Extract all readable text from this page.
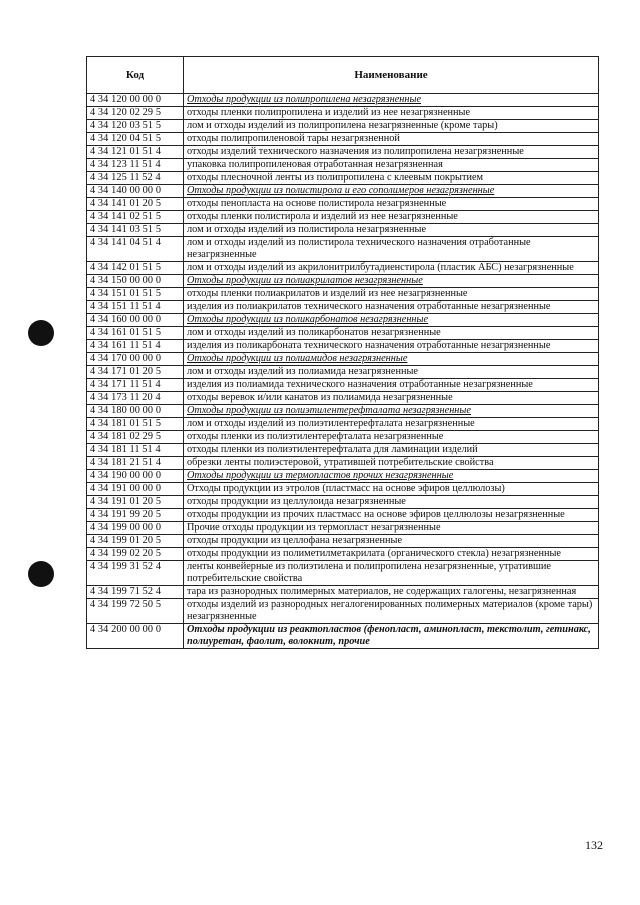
Код	Наименование
4 34 120 00 00 0	Отходы продукции из полипропилена незагрязненные
4 34 120 02 29 5	отходы пленки полипропилена и изделий из нее незагрязненные
4 34 120 03 51 5	лом и отходы изделий из полипропилена незагрязненные (кроме тары)
4 34 120 04 51 5	отходы полипропиленовой тары незагрязненной
4 34 121 01 51 4	отходы изделий технического назначения из полипропилена незагрязненные
4 34 123 11 51 4	упаковка полипропиленовая отработанная незагрязненная
4 34 125 11 52 4	отходы плесночной ленты из полипропилена с клеевым покрытием
4 34 140 00 00 0	Отходы продукции из полистирола и его сополимеров незагрязненные
4 34 141 01 20 5	отходы пенопласта на основе полистирола незагрязненные
4 34 141 02 51 5	отходы пленки полистирола и изделий из нее незагрязненные
4 34 141 03 51 5	лом и отходы изделий из полистирола незагрязненные
4 34 141 04 51 4	лом и отходы изделий из полистирола технического назначения отработанные незагрязненные
4 34 142 01 51 5	лом и отходы изделий из акрилонитрилбутадиенстирола (пластик АБС) незагрязненные
4 34 150 00 00 0	Отходы продукции из полиакрилатов незагрязненные
4 34 151 01 51 5	отходы пленки полиакрилатов и изделий из нее незагрязненные
4 34 151 11 51 4	изделия из полиакрилатов технического назначения отработанные незагрязненные
4 34 160 00 00 0	Отходы продукции из поликарбонатов незагрязненные
4 34 161 01 51 5	лом и отходы изделий из поликарбонатов незагрязненные
4 34 161 11 51 4	изделия из поликарбоната технического назначения отработанные незагрязненные
4 34 170 00 00 0	Отходы продукции из полиамидов незагрязненные
4 34 171 01 20 5	лом и отходы изделий из полиамида незагрязненные
4 34 171 11 51 4	изделия из полиамида технического назначения отработанные незагрязненные
4 34 173 11 20 4	отходы веревок и/или канатов из полиамида незагрязненные
4 34 180 00 00 0	Отходы продукции из полиэтилентерефталата незагрязненные
4 34 181 01 51 5	лом и отходы изделий из полиэтилентерефталата незагрязненные
4 34 181 02 29 5	отходы пленки из полиэтилентерефталата незагрязненные
4 34 181 11 51 4	отходы пленки из полиэтилентерефталата для ламинации изделий
4 34 181 21 51 4	обрезки ленты полиэстеровой, утратившей потребительские свойства
4 34 190 00 00 0	Отходы продукции из термопластов прочих незагрязненные
4 34 191 00 00 0	Отходы продукции из этролов (пластмасс на основе эфиров целлюлозы)
4 34 191 01 20 5	отходы продукции из целлулоида незагрязненные
4 34 191 99 20 5	отходы продукции из прочих пластмасс на основе эфиров целлюлозы незагрязненные
4 34 199 00 00 0	Прочие отходы продукции из термопласт незагрязненные
4 34 199 01 20 5	отходы продукции из целлофана незагрязненные
4 34 199 02 20 5	отходы продукции из полиметилметакрилата (органического стекла) незагрязненные
4 34 199 31 52 4	ленты конвейерные из полиэтилена и полипропилена незагрязненные, утратившие потребительские свойства
4 34 199 71 52 4	тара из разнородных полимерных материалов, не содержащих галогены, незагрязненная
4 34 199 72 50 5	отходы изделий из разнородных негалогенированных полимерных материалов (кроме тары) незагрязненные
4 34 200 00 00 0	Отходы продукции из реактопластов (фенопласт, аминопласт, текстолит, гетинакс, полиуретан, фаолит, волокнит, прочие
132
